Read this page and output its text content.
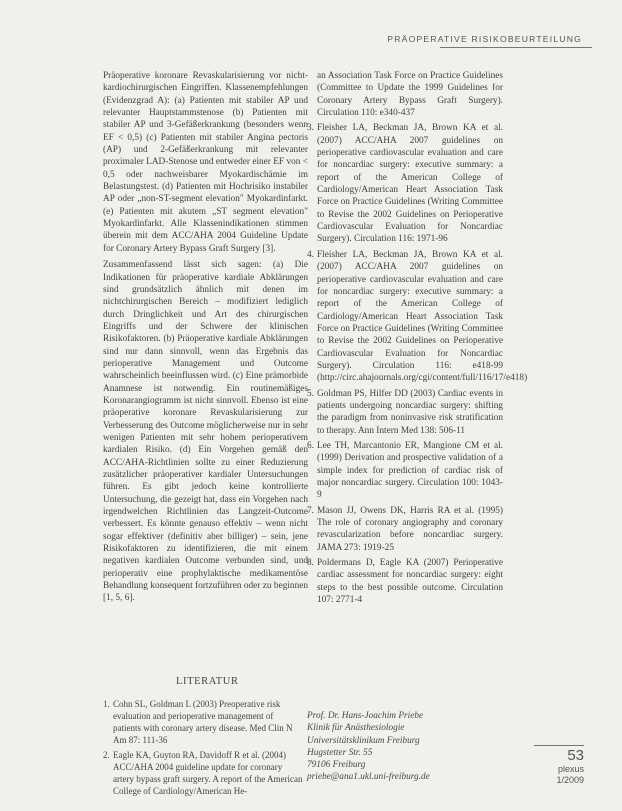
PRÄOPERATIVE RISIKOBEURTEILUNG

Präoperative koronare Revaskularisierung vor nicht-kardiochirurgischen Eingriffen. Klassenempfehlungen (Evidenzgrad A): (a) Patienten mit stabiler AP und relevanter Hauptstammstenose (b) Patienten mit stabiler AP und 3-Gefäßerkrankung (besonders wenn EF < 0,5) (c) Patienten mit stabiler Angina pectoris (AP) und 2-Gefäßerkrankung mit relevanter proximaler LAD-Stenose und entweder einer EF von < 0,5 oder nachweisbarer Myokardischämie im Belastungstest. (d) Patienten mit Hochrisiko instabiler AP oder „non-ST-segment elevation" Myokardinfarkt. (e) Patienten mit akutem „ST segment elevation" Myokardinfarkt. Alle Klassenindikationen stimmen überein mit dem ACC/AHA 2004 Guideline Update for Coronary Artery Bypass Graft Surgery [3].

Zusammenfassend lässt sich sagen: (a) Die Indikationen für präoperative kardiale Abklärungen sind grundsätzlich ähnlich mit denen im nichtchirurgischen Bereich – modifiziert lediglich durch Dringlichkeit und Art des chirurgischen Eingriffs und der Schwere der klinischen Risikofaktoren. (b) Präoperative kardiale Abklärungen sind nur dann sinnvoll, wenn das Ergebnis das perioperative Management und Outcome wahrscheinlich beeinflussen wird. (c) Eine prämorbide Anamnese ist notwendig. Ein routinemäßiges Koronarangiogramm ist nicht sinnvoll. Ebenso ist eine präoperative koronare Revaskularisierung zur Verbesserung des Outcome möglicherweise nur in sehr wenigen Patienten mit sehr hohem perioperativem kardialen Risiko. (d) Ein Vorgehen gemäß den ACC/AHA-Richtlinien sollte zu einer Reduzierung zusätzlicher präoperativer kardialer Untersuchungen führen. Es gibt jedoch keine kontrollierte Untersuchung, die gezeigt hat, dass ein Vorgehen nach irgendwelchen Richtlinien das Langzeit-Outcome verbessert. Es könnte genauso effektiv – wenn nicht sogar effektiver (definitiv aber billiger) – sein, jene Risikofaktoren zu identifizieren, die mit einem negativen kardialen Outcome verbunden sind, und perioperativ eine prophylaktische medikamentöse Behandlung konsequent fortzuführen oder zu beginnen [1, 5, 6].

an Association Task Force on Practice Guidelines (Committee to Update the 1999 Guidelines for Coronary Artery Bypass Graft Surgery). Circulation 110: e340-437
3. Fleisher LA, Beckman JA, Brown KA et al. (2007) ACC/AHA 2007 guidelines on perioperative cardiovascular evaluation and care for noncardiac surgery: executive summary: a report of the American College of Cardiology/American Heart Association Task Force on Practice Guidelines (Writing Committee to Revise the 2002 Guidelines on Perioperative Cardiovascular Evaluation for Noncardiac Surgery). Circulation 116: 1971-96
4. Fleisher LA, Beckman JA, Brown KA et al. (2007) ACC/AHA 2007 guidelines on perioperative cardiovascular evaluation and care for noncardiac surgery: executive summary: a report of the American College of Cardiology/American Heart Association Task Force on Practice Guidelines (Writing Committee to Revise the 2002 Guidelines on Perioperative Cardiovascular Evaluation for Noncardiac Surgery). Circulation 116: e418-99 (http://circ.ahajournals.org/cgi/content/full/116/17/e418)
5. Goldman PS, Hilfer DD (2003) Cardiac events in patients undergoing noncardiac surgery: shifting the paradigm from noninvasive risk stratification to therapy. Ann Intern Med 138: 506-11
6. Lee TH, Marcantonio ER, Mangione CM et al. (1999) Derivation and prospective validation of a simple index for prediction of cardiac risk of major noncardiac surgery. Circulation 100: 1043-9
7. Mason JJ, Owens DK, Harris RA et al. (1995) The role of coronary angiography and coronary revascularization before noncardiac surgery. JAMA 273: 1919-25
8. Poldermans D, Eagle KA (2007) Perioperative cardiac assessment for noncardiac surgery: eight steps to the best possible outcome. Circulation 107: 2771-4
LITERATUR
1. Cohn SL, Goldman L (2003) Preoperative risk evaluation and perioperative management of patients with coronary artery disease. Med Clin N Am 87: 111-36
2. Eagle KA, Guyton RA, Davidoff R et al. (2004) ACC/AHA 2004 guideline update for coronary artery bypass graft surgery. A report of the American College of Cardiology/American He-
Prof. Dr. Hans-Joachim Priebe
Klinik für Anästhesiologie
Universitätsklinikum Freiburg
Hugstetter Str. 55
79106 Freiburg
priebe@ana1.ukl.uni-freiburg.de
53
plexus
1/2009
